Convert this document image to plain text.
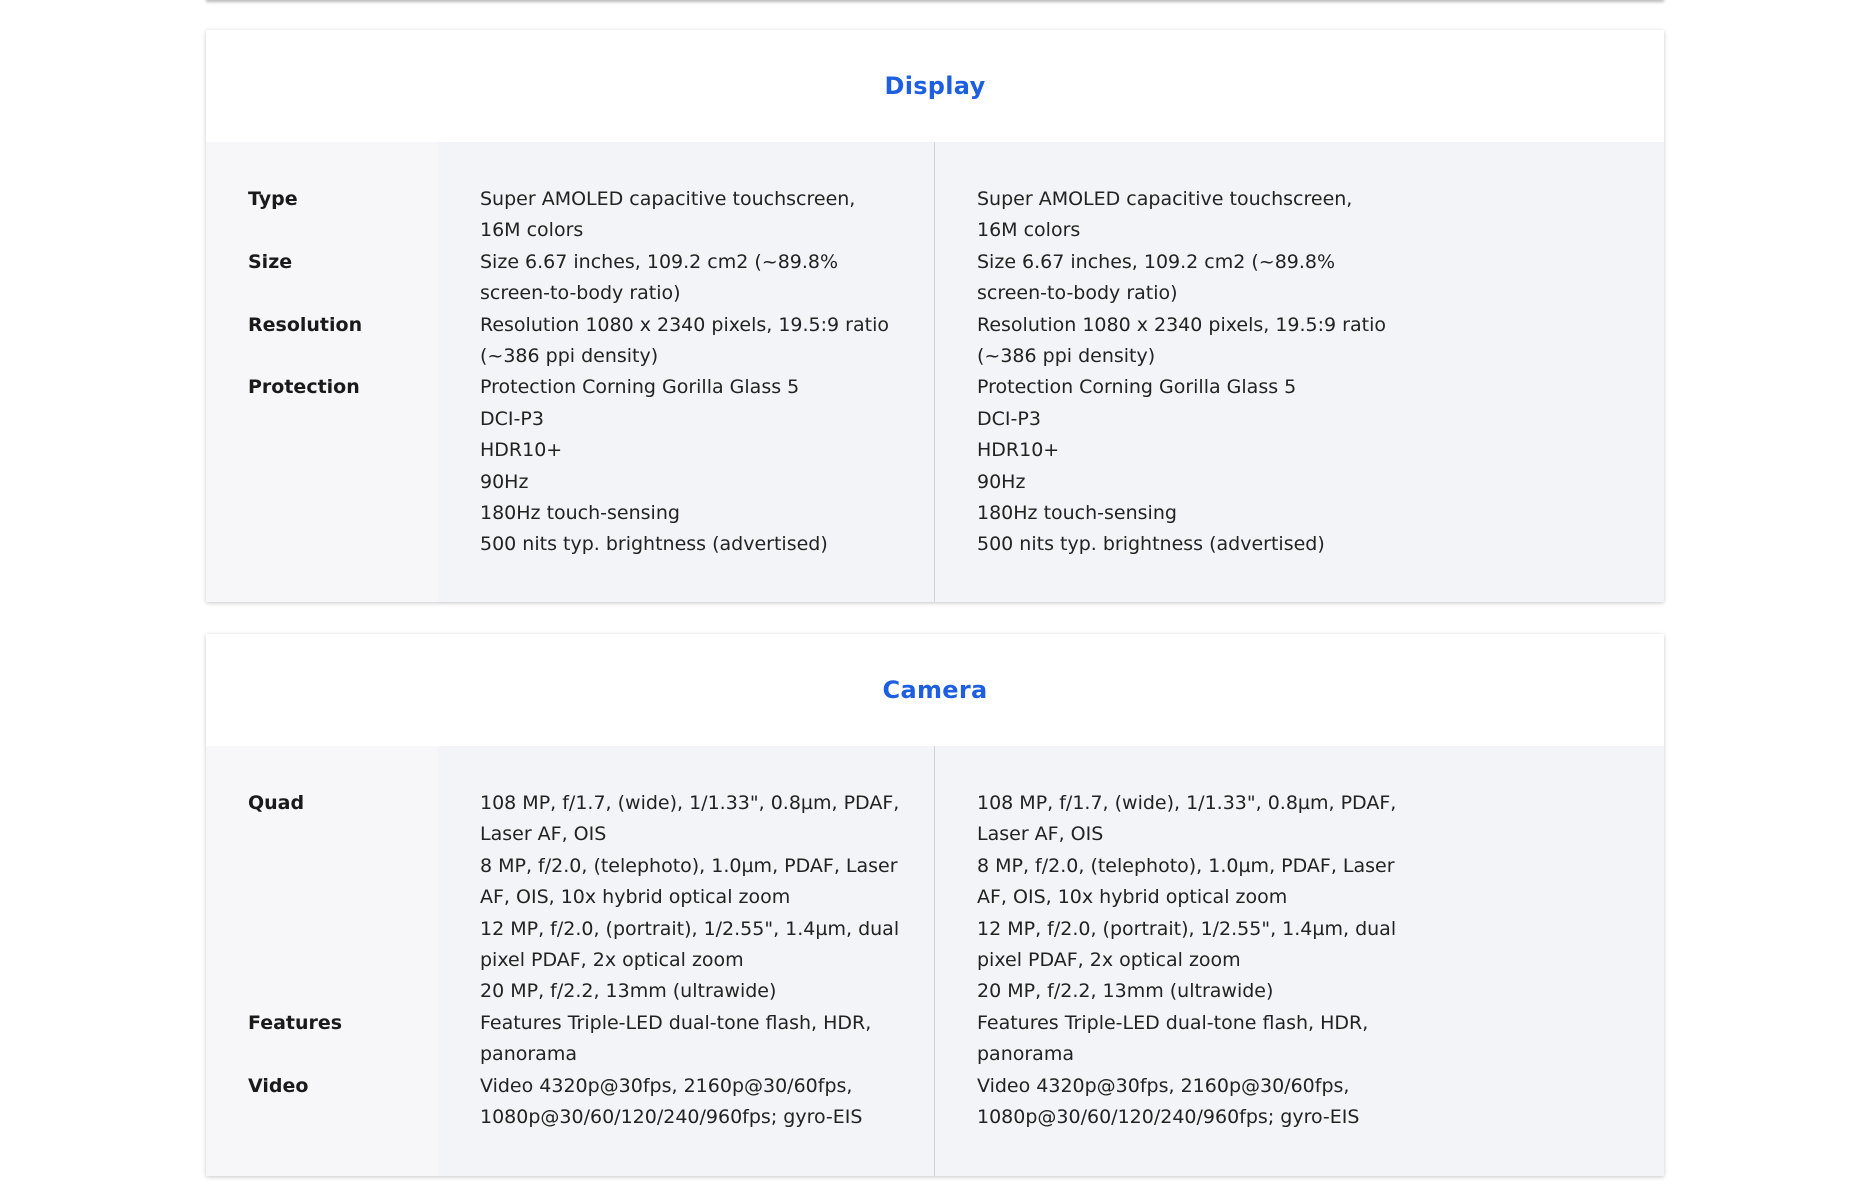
Display
Type
Size
Resolution
Protection
Super AMOLED capacitive touchscreen,
16M colors
Size 6.67 inches, 109.2 cm2 (~89.8%
screen-to-body ratio)
Resolution 1080 x 2340 pixels, 19.5:9 ratio
(~386 ppi density)
Protection Corning Gorilla Glass 5
DCI-P3
HDR10+
90Hz
180Hz touch-sensing
500 nits typ. brightness (advertised)
Super AMOLED capacitive touchscreen,
16M colors
Size 6.67 inches, 109.2 cm2 (~89.8%
screen-to-body ratio)
Resolution 1080 x 2340 pixels, 19.5:9 ratio
(~386 ppi density)
Protection Corning Gorilla Glass 5
DCI-P3
HDR10+
90Hz
180Hz touch-sensing
500 nits typ. brightness (advertised)
Camera
Quad
Features
Video
108 MP, f/1.7, (wide), 1/1.33", 0.8µm, PDAF,
Laser AF, OIS
8 MP, f/2.0, (telephoto), 1.0µm, PDAF, Laser
AF, OIS, 10x hybrid optical zoom
12 MP, f/2.0, (portrait), 1/2.55", 1.4µm, dual
pixel PDAF, 2x optical zoom
20 MP, f/2.2, 13mm (ultrawide)
Features Triple-LED dual-tone flash, HDR,
panorama
Video 4320p@30fps, 2160p@30/60fps,
1080p@30/60/120/240/960fps; gyro-EIS
108 MP, f/1.7, (wide), 1/1.33", 0.8µm, PDAF,
Laser AF, OIS
8 MP, f/2.0, (telephoto), 1.0µm, PDAF, Laser
AF, OIS, 10x hybrid optical zoom
12 MP, f/2.0, (portrait), 1/2.55", 1.4µm, dual
pixel PDAF, 2x optical zoom
20 MP, f/2.2, 13mm (ultrawide)
Features Triple-LED dual-tone flash, HDR,
panorama
Video 4320p@30fps, 2160p@30/60fps,
1080p@30/60/120/240/960fps; gyro-EIS
